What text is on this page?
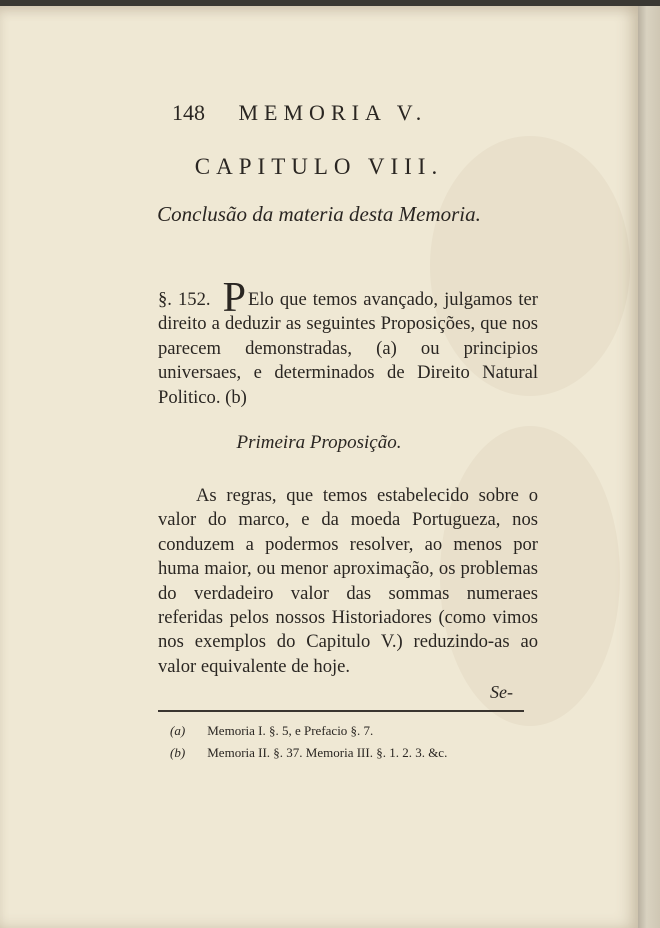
148 MEMORIA V.
CAPITULO VIII.
Conclusão da materia desta Memoria.
§. 152. P Elo que temos avançado, julgamos ter direito a deduzir as seguintes Proposições, que nos parecem demonstradas, (a) ou principios universaes, e determinados de Direito Natural Politico. (b)
Primeira Proposição.
As regras, que temos estabelecido sobre o valor do marco, e da moeda Portugueza, nos conduzem a podermos resolver, ao menos por huma maior, ou menor aproximação, os problemas do verdadeiro valor das sommas numeraes referidas pelos nossos Historiadores (como vimos nos exemplos do Capitulo V.) reduzindo-as ao valor equivalente de hoje.
Se-
(a) Memoria I. §. 5, e Prefacio §. 7.
(b) Memoria II. §. 37. Memoria III. §. 1. 2. 3. &c.
